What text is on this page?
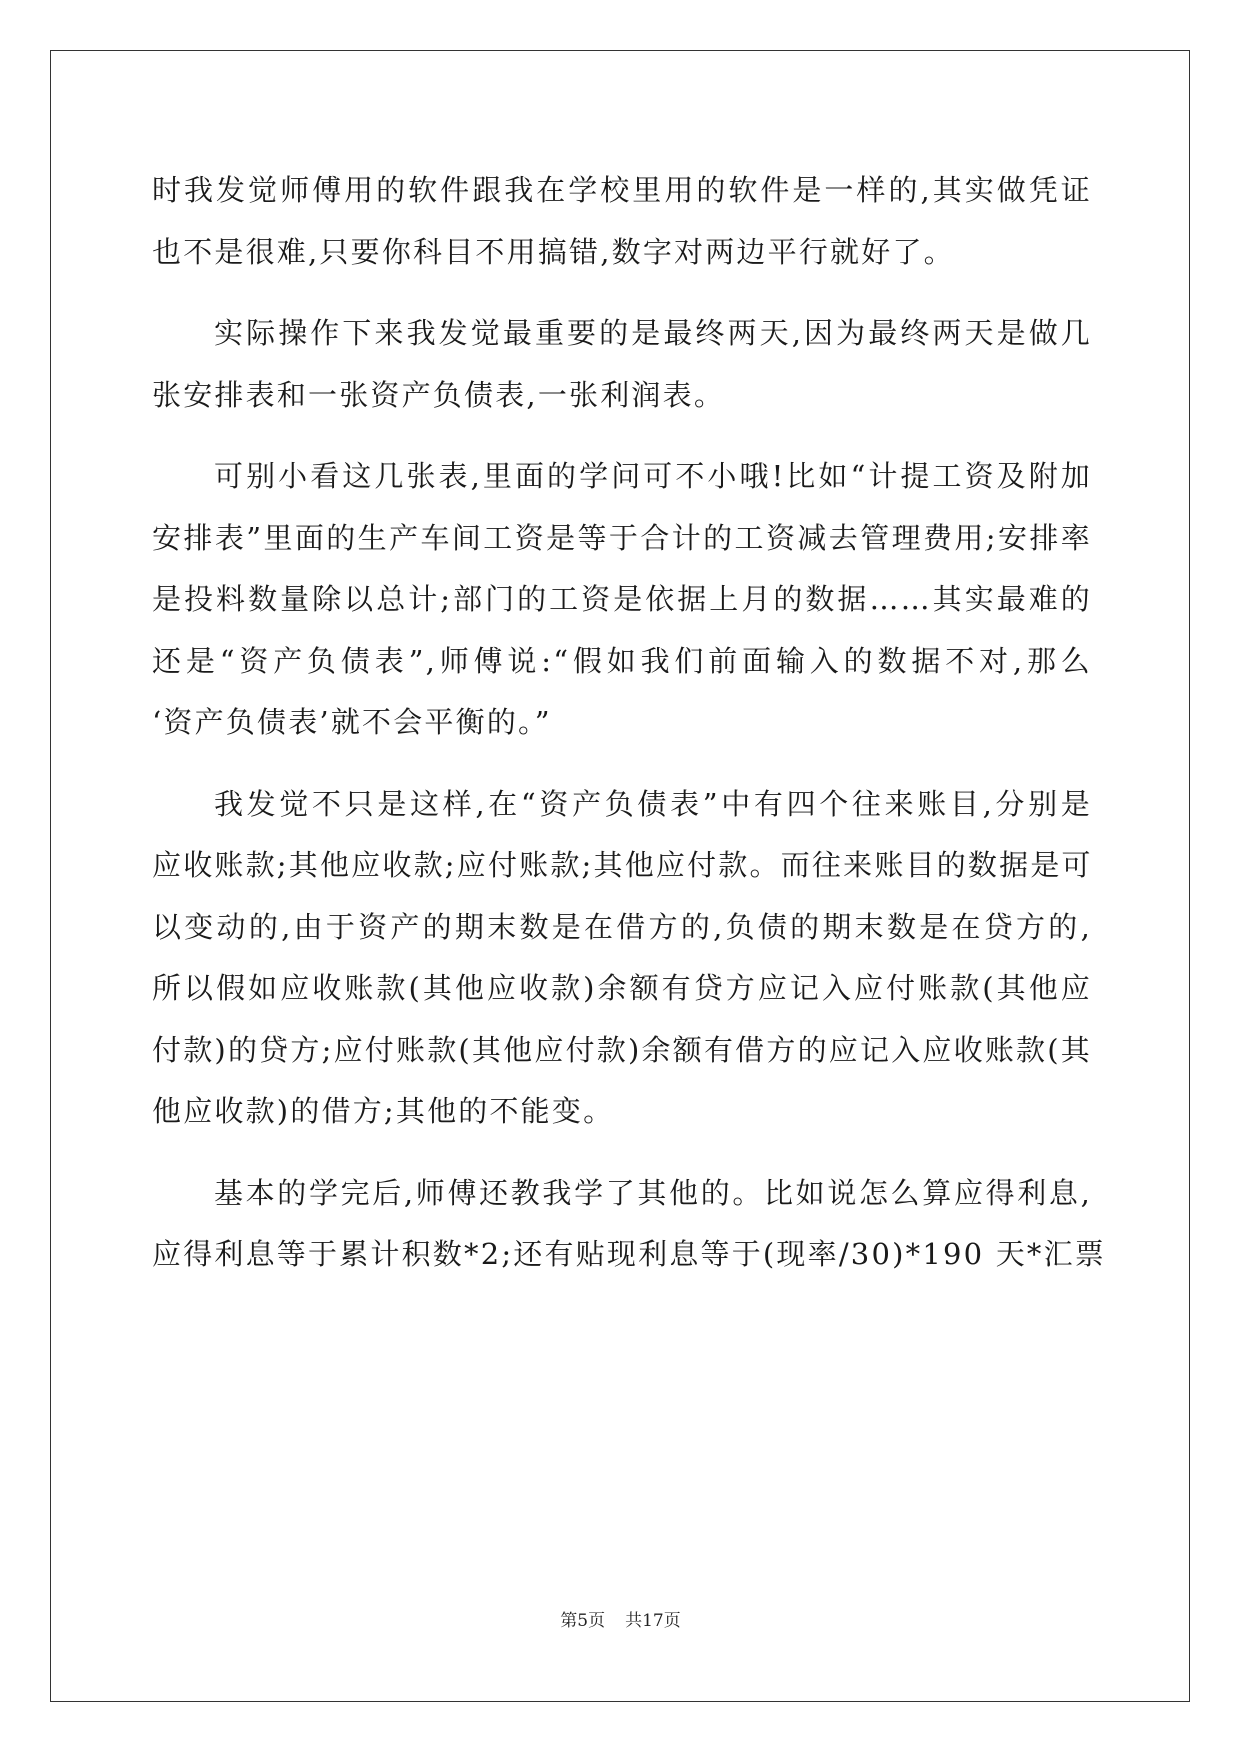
时我发觉师傅用的软件跟我在学校里用的软件是一样的,其实做凭证
也不是很难,只要你科目不用搞错,数字对两边平行就好了。
实际操作下来我发觉最重要的是最终两天,因为最终两天是做几
张安排表和一张资产负债表,一张利润表。
可别小看这几张表,里面的学问可不小哦!比如“计提工资及附加
安排表”里面的生产车间工资是等于合计的工资减去管理费用;安排率
是投料数量除以总计;部门的工资是依据上月的数据……其实最难的
还是“资产负债表”,师傅说:“假如我们前面输入的数据不对,那么
‘资产负债表’就不会平衡的。”
我发觉不只是这样,在“资产负债表”中有四个往来账目,分别是
应收账款;其他应收款;应付账款;其他应付款。而往来账目的数据是可
以变动的,由于资产的期末数是在借方的,负债的期末数是在贷方的,
所以假如应收账款(其他应收款)余额有贷方应记入应付账款(其他应
付款)的贷方;应付账款(其他应付款)余额有借方的应记入应收账款(其
他应收款)的借方;其他的不能变。
基本的学完后,师傅还教我学了其他的。比如说怎么算应得利息,
应得利息等于累计积数*2;还有贴现利息等于(现率/30)*190 天*汇票
第5页 共17页
